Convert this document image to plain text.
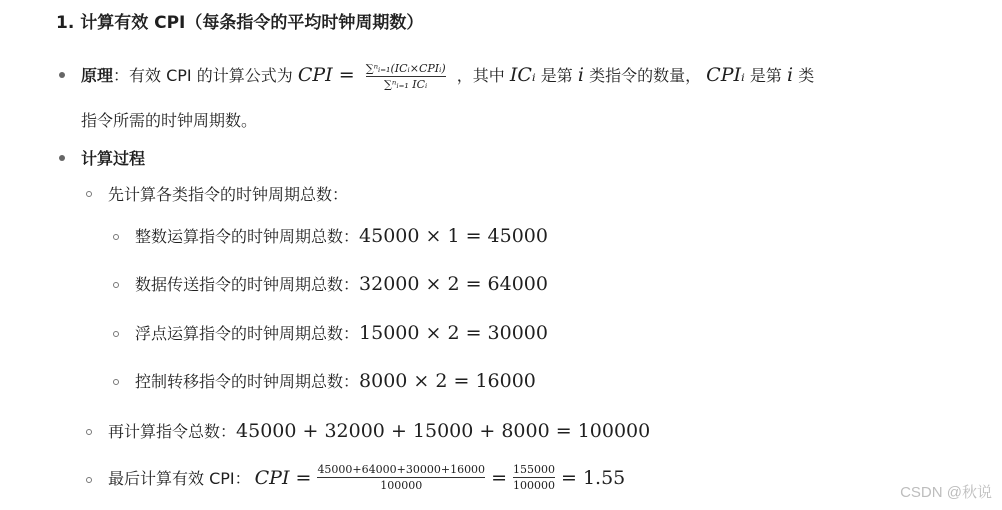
1. 计算有效 CPI（每条指令的平均时钟周期数）
原理：有效 CPI 的计算公式为 CPI = $\frac{\text{∑ⁿᵢ₌₁(ICᵢ×CPIᵢ)}}{\text{∑ⁿᵢ₌₁ ICᵢ}}$ ，其中 ICᵢ 是第 i 类指令的数量， CPIᵢ 是第 i 类
指令所需的时钟周期数。
计算过程
先计算各类指令的时钟周期总数：
整数运算指令的时钟周期总数：45000 × 1 = 45000
数据传送指令的时钟周期总数：32000 × 2 = 64000
浮点运算指令的时钟周期总数：15000 × 2 = 30000
控制转移指令的时钟周期总数：8000 × 2 = 16000
再计算指令总数：45000 + 32000 + 15000 + 8000 = 100000
最后计算有效 CPI： CPI = $\frac{45000+64000+30000+16000}{100000} = \frac{155000}{100000} = 1.55$
CSDN @秋说
